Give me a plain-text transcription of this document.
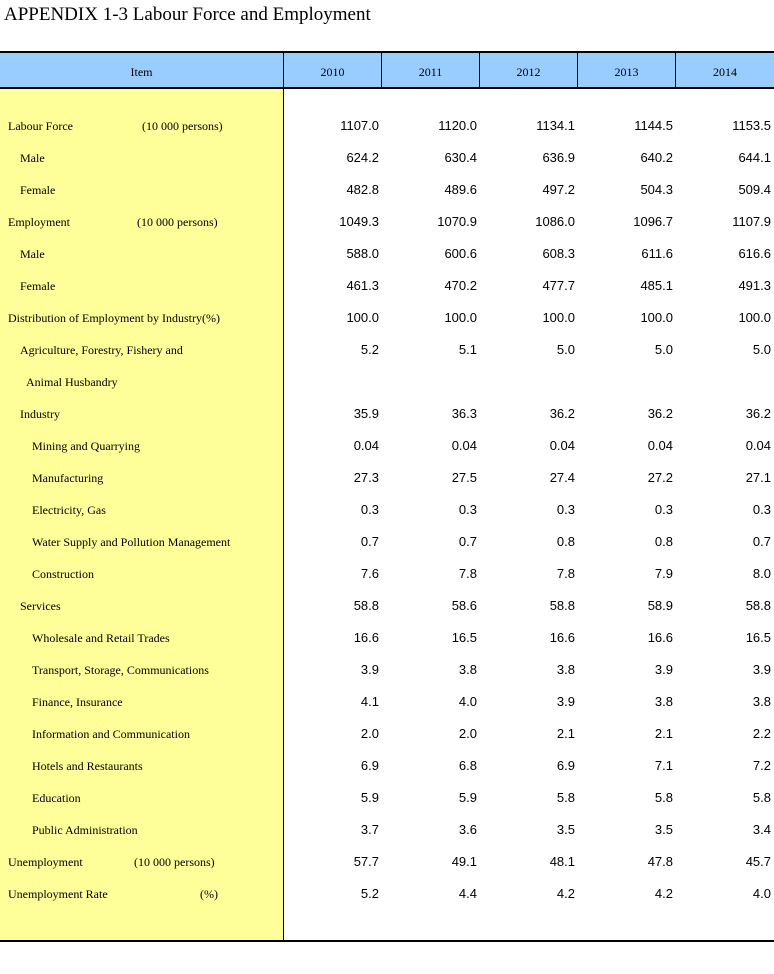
APPENDIX 1-3 Labour Force and Employment
Item	2010	2011	2012	2013	2014
Labour Force	(10 000 persons)	1107.0	1120.0	1134.1	1144.5	1153.5
Male	624.2	630.4	636.9	640.2	644.1
Female	482.8	489.6	497.2	504.3	509.4
Employment	(10 000 persons)	1049.3	1070.9	1086.0	1096.7	1107.9
Male	588.0	600.6	608.3	611.6	616.6
Female	461.3	470.2	477.7	485.1	491.3
Distribution of Employment by Industry(%)	100.0	100.0	100.0	100.0	100.0
Agriculture, Forestry, Fishery and	5.2	5.1	5.0	5.0	5.0
Animal Husbandry
Industry	35.9	36.3	36.2	36.2	36.2
Mining and Quarrying	0.04	0.04	0.04	0.04	0.04
Manufacturing	27.3	27.5	27.4	27.2	27.1
Electricity, Gas	0.3	0.3	0.3	0.3	0.3
Water Supply and Pollution Management	0.7	0.7	0.8	0.8	0.7
Construction	7.6	7.8	7.8	7.9	8.0
Services	58.8	58.6	58.8	58.9	58.8
Wholesale and Retail Trades	16.6	16.5	16.6	16.6	16.5
Transport, Storage, Communications	3.9	3.8	3.8	3.9	3.9
Finance, Insurance	4.1	4.0	3.9	3.8	3.8
Information and Communication	2.0	2.0	2.1	2.1	2.2
Hotels and Restaurants	6.9	6.8	6.9	7.1	7.2
Education	5.9	5.9	5.8	5.8	5.8
Public Administration	3.7	3.6	3.5	3.5	3.4
Unemployment	(10 000 persons)	57.7	49.1	48.1	47.8	45.7
Unemployment Rate	(%)	5.2	4.4	4.2	4.2	4.0
